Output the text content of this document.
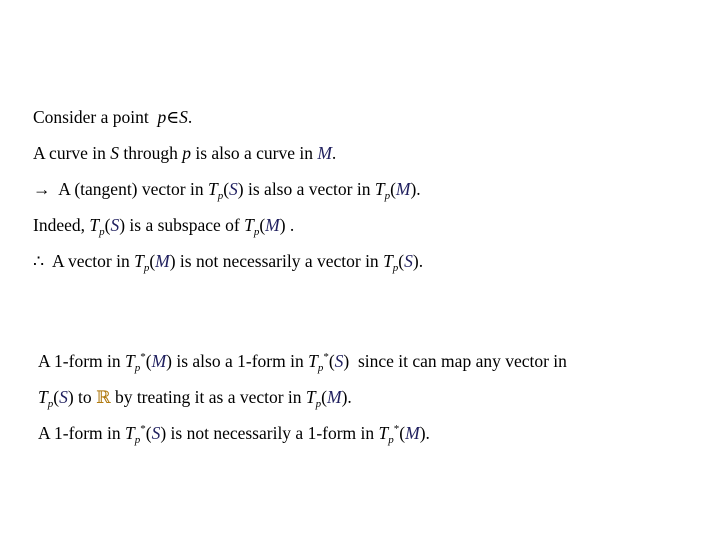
Consider a point p∈S.
A curve in S through p is also a curve in M.
→ A (tangent) vector in $T_p(S)$ is also a vector in $T_p(M)$.
Indeed, $T_p(S)$ is a subspace of $T_p(M)$ .
∴ A vector in $T_p(M)$ is not necessarily a vector in $T_p(S)$.
A 1-form in $T_p^*(M)$ is also a 1-form in $T_p^*(S)$  since it can map any vector in
$T_p(S)$ to ℝ by treating it as a vector in $T_p(M)$.
A 1-form in $T_p^*(S)$ is not necessarily a 1-form in $T_p^*(M)$.
